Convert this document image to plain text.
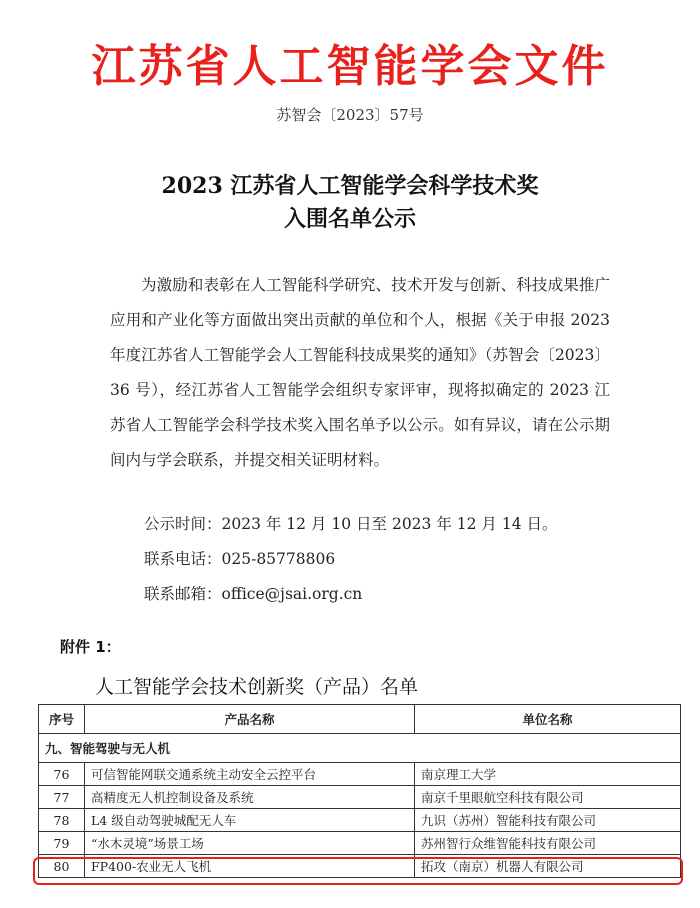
江苏省人工智能学会文件
苏智会〔2023〕57号
2023 江苏省人工智能学会科学技术奖
入围名单公示

为激励和表彰在人工智能科学研究、技术开发与创新、科技成果推广应用和产业化等方面做出突出贡献的单位和个人，根据《关于申报 2023 年度江苏省人工智能学会人工智能科技成果奖的通知》（苏智会〔2023〕36 号），经江苏省人工智能学会组织专家评审，现将拟确定的 2023 江苏省人工智能学会科学技术奖入围名单予以公示。如有异议，请在公示期间内与学会联系，并提交相关证明材料。

公示时间：2023 年 12 月 10 日至 2023 年 12 月 14 日。
联系电话：025-85778806
联系邮箱：office@jsai.org.cn
附件 1：
人工智能学会技术创新奖（产品）名单
序号	产品名称	单位名称
九、智能驾驶与无人机		
76	可信智能网联交通系统主动安全云控平台	南京理工大学
77	高精度无人机控制设备及系统	南京千里眼航空科技有限公司
78	L4 级自动驾驶城配无人车	九识（苏州）智能科技有限公司
79	“水木灵境”场景工场	苏州智行众维智能科技有限公司
80	FP400-农业无人飞机	拓攻（南京）机器人有限公司
